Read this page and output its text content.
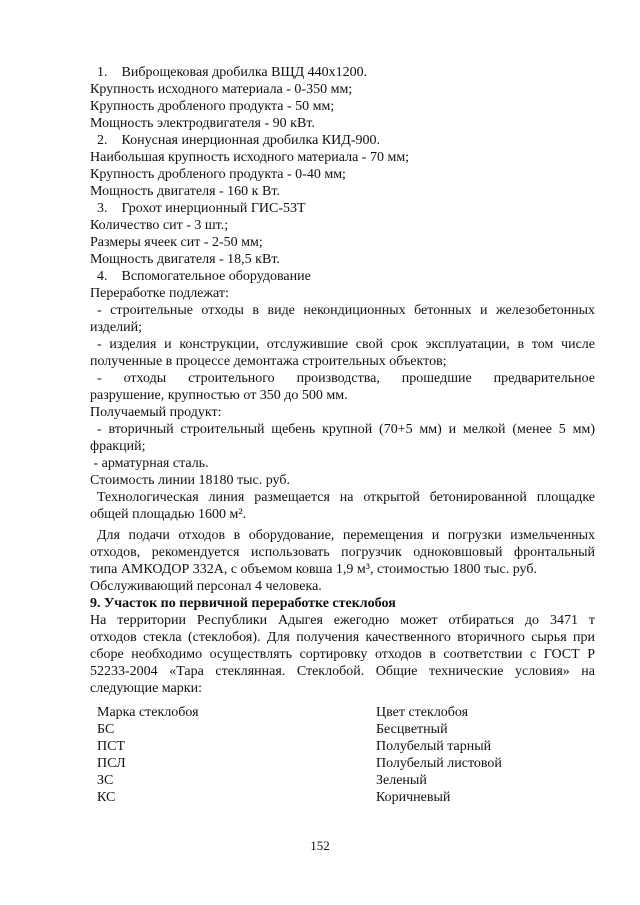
1.    Виброщековая дробилка ВЩД 440х1200.
Крупность исходного материала - 0-350 мм;
Крупность дробленого продукта - 50 мм;
Мощность электродвигателя - 90 кВт.
2.    Конусная инерционная дробилка КИД-900.
Наибольшая крупность исходного материала - 70 мм;
Крупность дробленого продукта - 0-40 мм;
Мощность двигателя - 160 к Вт.
3.    Грохот инерционный ГИС-53Т
Количество сит - 3 шт.;
Размеры ячеек сит - 2-50 мм;
Мощность двигателя - 18,5 кВт.
4.    Вспомогательное оборудование
Переработке подлежат:
- строительные отходы в виде некондиционных бетонных и железобетонных
изделий;
- изделия и конструкции, отслужившие свой срок эксплуатации, в том числе
полученные в процессе демонтажа строительных объектов;
- отходы строительного производства, прошедшие предварительное
разрушение, крупностью от 350 до 500 мм.
Получаемый продукт:
- вторичный строительный щебень крупной (70+5 мм) и мелкой (менее 5 мм)
фракций;
- арматурная сталь.
Стоимость линии 18180 тыс. руб.
Технологическая линия размещается на открытой бетонированной площадке
общей площадью 1600 м².
Для подачи отходов в оборудование, перемещения и погрузки измельченных
отходов, рекомендуется использовать погрузчик одноковшовый фронтальный
типа АМКОДОР 332А, с объемом ковша 1,9 м³, стоимостью 1800 тыс. руб.
Обслуживающий персонал 4 человека.
9. Участок по первичной переработке стеклобоя
На территории Республики Адыгея ежегодно может отбираться до 3471 т
отходов стекла (стеклобоя). Для получения качественного вторичного сырья при
сборе необходимо осуществлять сортировку отходов в соответствии с ГОСТ Р
52233-2004 «Тара стеклянная. Стеклобой. Общие технические условия» на
следующие марки:
Марка стеклобоя	Цвет стеклобоя
БС	Бесцветный
ПСТ	Полубелый тарный
ПСЛ	Полубелый листовой
ЗС	Зеленый
КС	Коричневый
152
